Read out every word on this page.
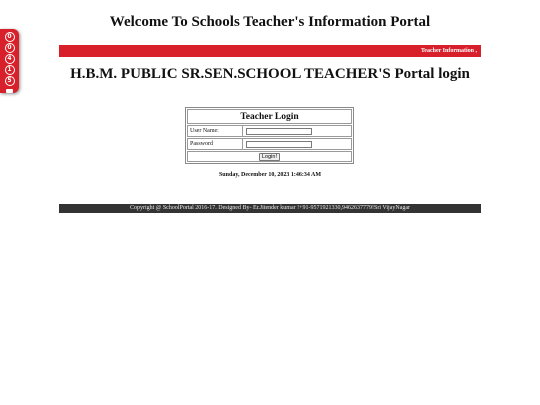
0
0
4
1
5
Welcome To Schools Teacher's Information Portal
Teacher Information ,
H.B.M. PUBLIC SR.SEN.SCHOOL TEACHER'S Portal login
Teacher Login
User Name:
Password
Login!
Sunday, December 10, 2023 1:46:34 AM
Copyright @ SchoolPortal 2016-17. Designed By- Er.Jitender kumar !+91-9571921330,9462637779!Sri VijayNagar
